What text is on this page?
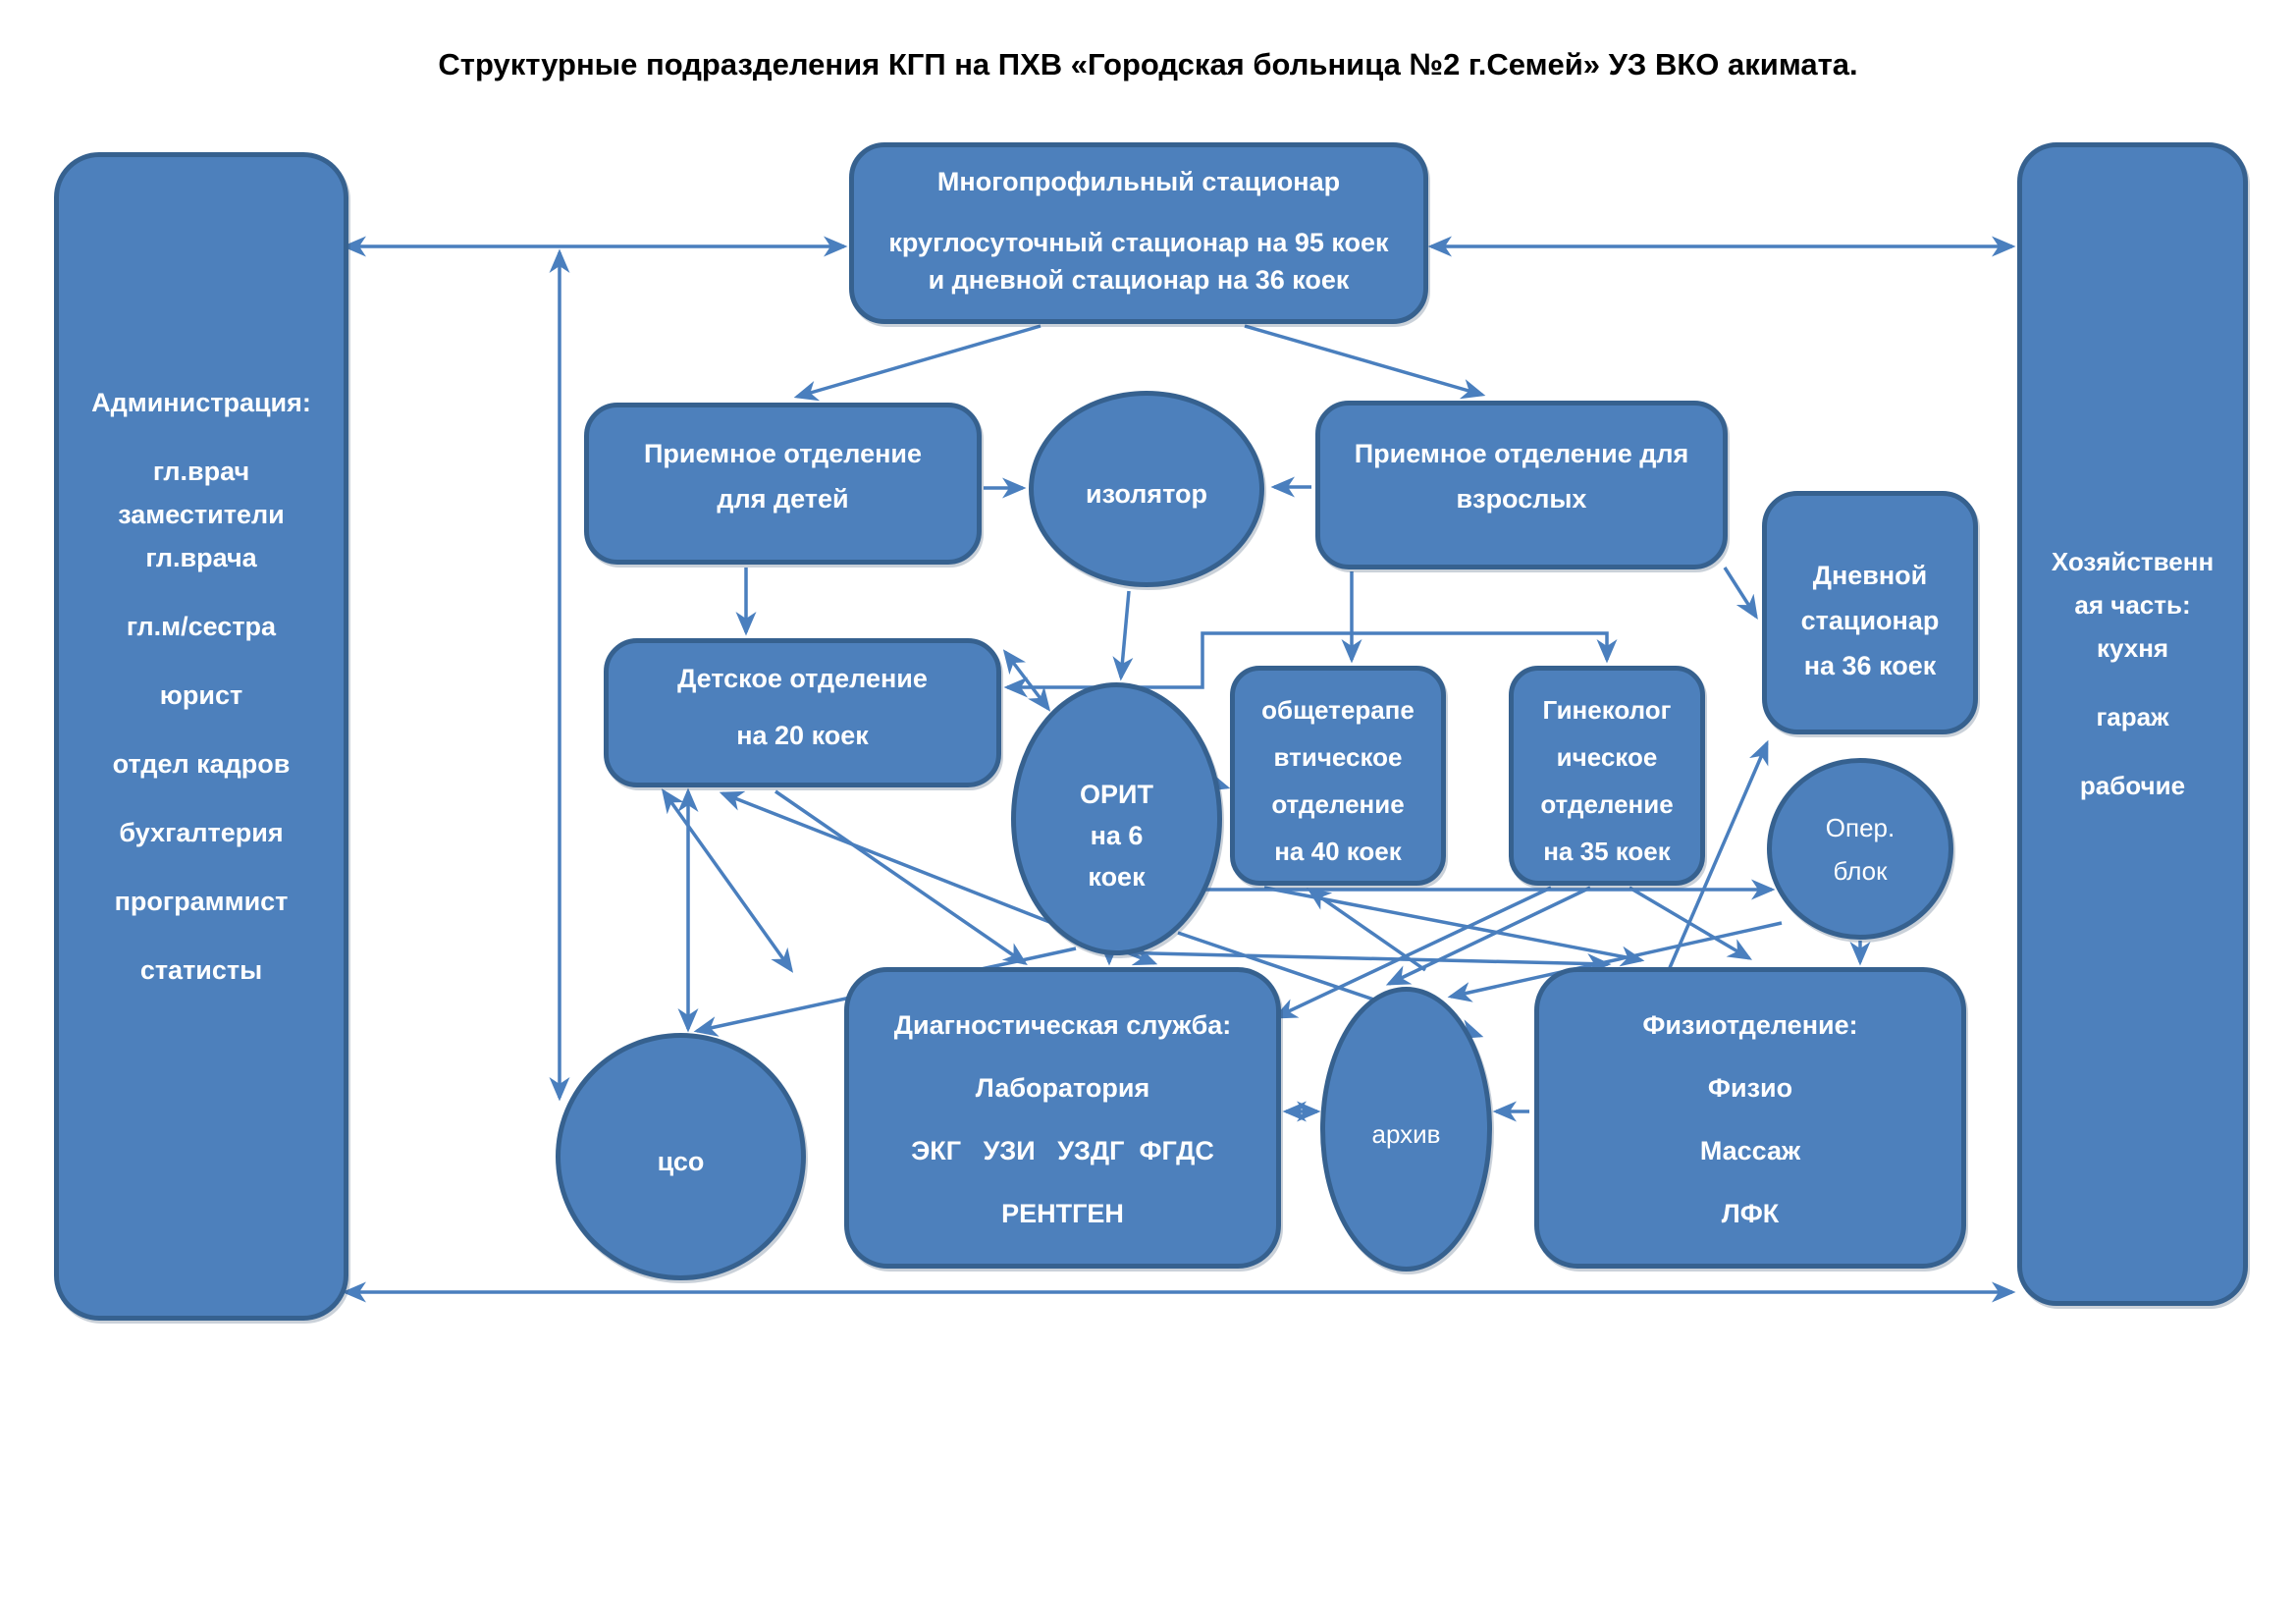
Структурные подразделения КГП на ПХВ «Городская больница №2 г.Семей» УЗ ВКО акимата.
Администрация:
гл.врач
заместители
гл.врача
гл.м/сестра
юрист
отдел кадров
бухгалтерия
программист
статисты
Многопрофильный стационар
круглосуточный стационар на 95 коек
и дневной стационар на 36 коек
Приемное отделение
для детей	изолятор
Приемное отделение для
взрослых
Дневной
стационар
на 36 коек
Детское отделение
на 20 коек
ОРИТ
на 6
коек
общетерапе
втическое
отделение
на 40 коек
Гинеколог
ическое
отделение
на 35 коек
Опер.
блок
цсо
Диагностическая служба:
Лаборатория
ЭКГ   УЗИ   УЗДГ  ФГДС
РЕНТГЕН
архив
Физиотделение:
Физио
Массаж
ЛФК
Хозяйственн
ая часть:
кухня
гараж
рабочие
